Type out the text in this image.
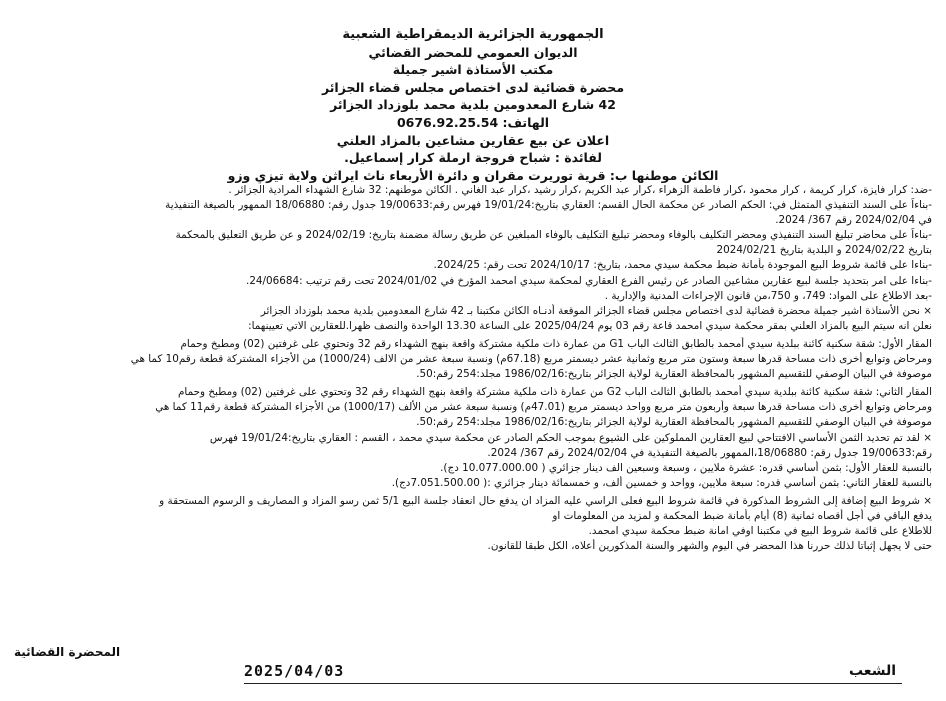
الجمهورية الجزائرية الديمقراطية الشعبية
الديوان العمومي للمحضر القضائي
مكتب الأستاذة اشير جميلة
محضرة قضائية لدى اختصاص مجلس قضاء الجزائر
42 شارع المعدومين بلدية محمد بلوزداد الجزائر
الهاتف: 0676.92.25.54
اعلان عن بيع عقارين مشاعين بالمزاد العلني
لفائدة : شباح فروجة ارملة كرار إسماعيل.
الكائن موطنها ب: قرية توريرت مقران و دائرة الأربعاء ناث ايراثن ولاية تيزي وزو
-ضد: كرار فايزة، كرار كريمة ، كرار محمود ،كرار فاطمة الزهراء ،كرار عبد الكريم ،كرار رشيد ،كرار عبد الغاني . الكائن موطنهم: 32 شارع الشهداء المرادية الجزائر .
-بناءاً على السند التنفيذي المتمثل في: الحكم الصادر عن محكمة الحال القسم: العقاري بتاريخ:19/01/24 فهرس رقم:19/00633 جدول رقم: 18/06880 الممهور بالصيغة التنفيذية
في 2024/02/04 رقم 367/ 2024.
-بناءاً على محاضر تبليغ السند التنفيذي ومحضر التكليف بالوفاء ومحضر تبليغ التكليف بالوفاء المبلغين عن طريق رسالة مضمنة بتاريخ: 2024/02/19 و عن طريق التعليق بالمحكمة
بتاريخ 2024/02/22 و البلدية بتاريخ 2024/02/21
-بناءا على قائمة شروط البيع الموجودة بأمانة ضبط محكمة سيدي محمد، بتاريخ: 2024/10/17 تحت رقم: 2024/25.
-بناءا على امر بتحديد جلسة لبيع عقارين مشاعين الصادر عن رئيس الفرع العقاري لمحكمة سيدي امحمد المؤرخ في 2024/01/02 تحت رقم ترتيب :24/06684.
-بعد الاطلاع على المواد: 749، و 750،من قانون الإجراءات المدنية والإدارية .
× نحن الأستاذة اشير جميلة محضرة قضائية لدى اختصاص مجلس قضاء الجزائر الموقعة أدنـاه الكائن مكتبنا بـ 42 شارع المعدومين بلدية محمد بلوزداد الجزائر
نعلن انه سيتم البيع بالمزاد العلني بمقر محكمة سيدي امحمد قاعة رقم 03 يوم 2025/04/24 على الساعة 13.30 الواحدة والنصف ظهرا.للعقارين الاتي تعيينهما:
المقار الأول: شقة سكنية كائنة ببلدية سيدي أمحمد بالطابق الثالث الباب G1 من عمارة ذات ملكية مشتركة واقعة بنهج الشهداء رقم 32 وتحتوي على غرفتين (02) ومطبخ وحمام
ومرحاض وتوابع أخرى ذات مساحة قدرها سبعة وستون متر مربع وثمانية عشر ديسمتر مربع (67.18م) ونسبة سبعة عشر من الالف (1000/24) من الأجزاء المشتركة قطعة رقم10 كما هي
موصوفة في البيان الوصفي للتقسيم المشهور بالمحافظة العقارية لولاية الجزائر بتاريخ:1986/02/16 مجلد:254 رقم:50.
المقار الثاني: شقة سكنية كائنة ببلدية سيدي أمحمد بالطابق الثالث الباب G2 من عمارة ذات ملكية مشتركة واقعة بنهج الشهداء رقم 32 وتحتوي على غرفتين (02) ومطبخ وحمام
ومرحاض وتوابع أخرى ذات مساحة قدرها سبعة وأربعون متر مربع وواحد ديسمتر مربع (47.01م) ونسبة سبعة عشر من الألف (1000/17) من الأجزاء المشتركة قطعة رقم11 كما هي
موصوفة في البيان الوصفي للتقسيم المشهور بالمحافظة العقارية لولاية الجزائر بتاريخ:1986/02/16 مجلد:254 رقم:50.
× لقد تم تحديد الثمن الأساسي الافتتاحي لبيع العقارين المملوكين على الشيوع بموجب الحكم الصادر عن محكمة سيدي محمد ، القسم : العقاري بتاريخ:19/01/24 فهرس
رقم:19/00633 جدول رقم: 18/06880،الممهور بالصيغة التنفيذية في 2024/02/04 رقم 367/ 2024.
بالنسبة للعقار الأول: بثمن أساسي قدره: عشرة ملايين ، وسبعة وسبعين الف دينار جزائري ( 10.077.000.00 دج).
بالنسبة للعقار الثاني: بثمن أساسي قدره: سبعة ملايين، وواحد و خمسين ألف، و خمسمائة دينار جزائري :( 7.051.500.00دج).
× شروط البيع إضافة إلى الشروط المذكورة في قائمة شروط البيع فعلى الراسي عليه المزاد ان يدفع حال انعقاد جلسة البيع 5/1 ثمن رسو المزاد و المصاريف و الرسوم المستحقة و
يدفع الباقي في أجل أقصاه ثمانية (8) أيام بأمانة ضبط المحكمة و لمزيد من المعلومات او
للاطلاع على قائمة شروط البيع في مكتبنا اوفي امانة ضبط محكمة سيدي امحمد.
حتى لا يجهل إثباتا لذلك حررنا هذا المحضر في اليوم والشهر والسنة المذكورين أعلاه، الكل طبقا للقانون.
المحضرة القضائية
الشعب
2025/04/03
